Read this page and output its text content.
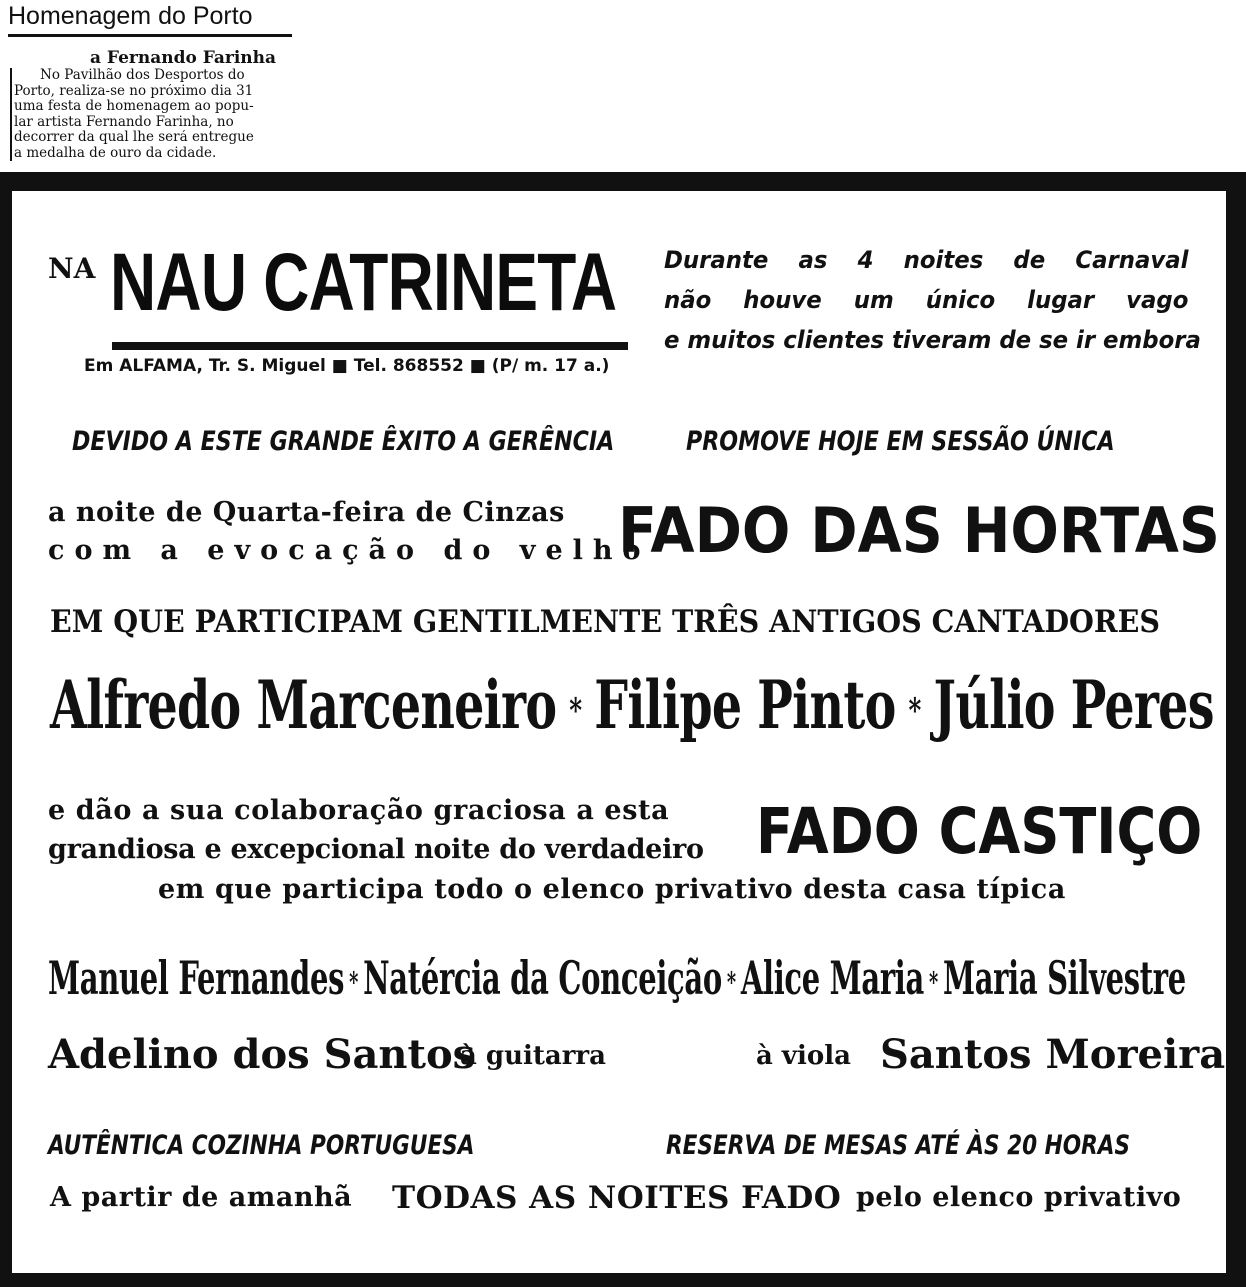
Homenagem do Porto
a Fernando Farinha
No Pavilhão dos Desportos do
Porto, realiza-se no próximo dia 31
uma festa de homenagem ao popu-
lar artista Fernando Farinha, no
decorrer da qual lhe será entregue
a medalha de ouro da cidade.
NA NAU CATRINETA
Em ALFAMA, Tr. S. Miguel ■ Tel. 868552 ■ (P/ m. 17 a.)
Durante as 4 noites de Carnaval
não houve um único lugar vago
e muitos clientes tiveram de se ir embora
DEVIDO A ESTE GRANDE ÊXITO A GERÊNCIA	PROMOVE HOJE EM SESSÃO ÚNICA
a noite de Quarta-feira de Cinzas
com a evocação do velho
FADO DAS HORTAS
EM QUE PARTICIPAM GENTILMENTE TRÊS ANTIGOS CANTADORES
Alfredo Marceneiro * Filipe Pinto * Júlio Peres
e dão a sua colaboração graciosa a esta
grandiosa e excepcional noite do verdadeiro FADO CASTIÇO
em que participa todo o elenco privativo desta casa típica
Manuel Fernandes * Natércia da Conceição * Alice Maria * Maria Silvestre
Adelino dos Santos
à guitarra	à viola Santos Moreira
AUTÊNTICA COZINHA PORTUGUESA	RESERVA DE MESAS ATÉ ÀS 20 HORAS
A partir de amanhã TODAS AS NOITES FADO pelo elenco privativo
